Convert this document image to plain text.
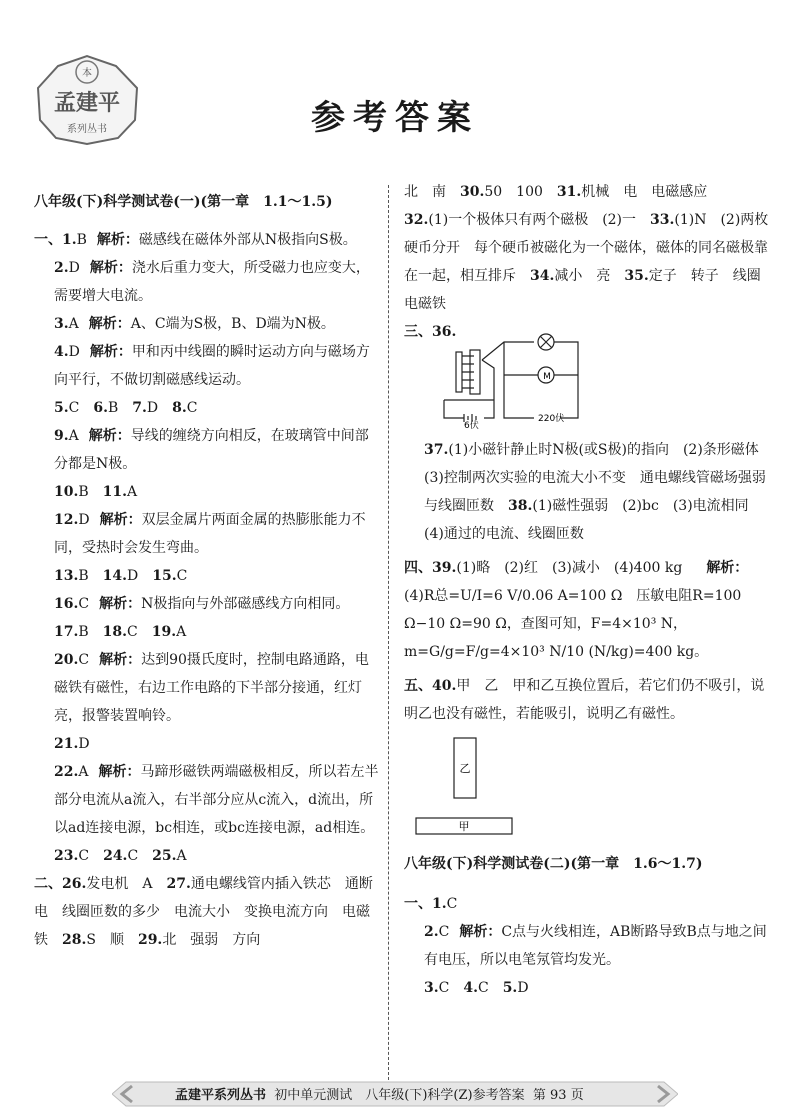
本
孟建平
系列丛书	参考答案
八年级(下)科学测试卷(一)(第一章　1.1～1.5)
一、1.B 解析：磁感线在磁体外部从N极指向S极。
2.D 解析：浇水后重力变大，所受磁力也应变大，需要增大电流。
3.A 解析：A、C端为S极，B、D端为N极。
4.D 解析：甲和丙中线圈的瞬时运动方向与磁场方向平行，不做切割磁感线运动。
5.C 6.B 7.D 8.C
9.A 解析：导线的缠绕方向相反，在玻璃管中间部分都是N极。
10.B 11.A
12.D 解析：双层金属片两面金属的热膨胀能力不同，受热时会发生弯曲。
13.B 14.D 15.C
16.C 解析：N极指向与外部磁感线方向相同。
17.B 18.C 19.A
20.C 解析：达到90摄氏度时，控制电路通路，电磁铁有磁性，右边工作电路的下半部分接通，红灯亮，报警装置响铃。
21.D
22.A 解析：马蹄形磁铁两端磁极相反，所以若左半部分电流从a流入，右半部分应从c流入，d流出，所以ad连接电源，bc相连，或bc连接电源，ad相连。
23.C 24.C 25.A
二、26.发电机　A　27.通电螺线管内插入铁芯　通断电　线圈匝数的多少　电流大小　变换电流方向　电磁铁　28.S　顺　29.北　强弱　方向
北　南　30.50　100　31.机械　电　电磁感应
32.(1)一个极体只有两个磁极　(2)一　33.(1)N　(2)两枚硬币分开　每个硬币被磁化为一个磁体，磁体的同名磁极靠在一起，相互排斥　34.减小　亮　35.定子　转子　线圈　电磁铁
三、36.
M
6伏
220伏
37.(1)小磁针静止时N极(或S极)的指向　(2)条形磁体　(3)控制两次实验的电流大小不变　通电螺线管磁场强弱与线圈匝数　38.(1)磁性强弱　(2)bc　(3)电流相同　(4)通过的电流、线圈匝数
四、39.(1)略　(2)红　(3)减小　(4)400 kg　解析：(4)R总=U/I=6 V/0.06 A=100 Ω　压敏电阻R=100 Ω−10 Ω=90 Ω，查图可知，F=4×10³ N，m=G/g=F/g=4×10³ N/10 (N/kg)=400 kg。
五、40.甲　乙　甲和乙互换位置后，若它们仍不吸引，说明乙也没有磁性，若能吸引，说明乙有磁性。
乙
甲
八年级(下)科学测试卷(二)(第一章　1.6～1.7)
一、1.C
2.C 解析：C点与火线相连，AB断路导致B点与地之间有电压，所以电笔氖管均发光。
3.C 4.C 5.D
孟建平系列丛书 初中单元测试　八年级(下)科学(Z)参考答案 第 93 页
